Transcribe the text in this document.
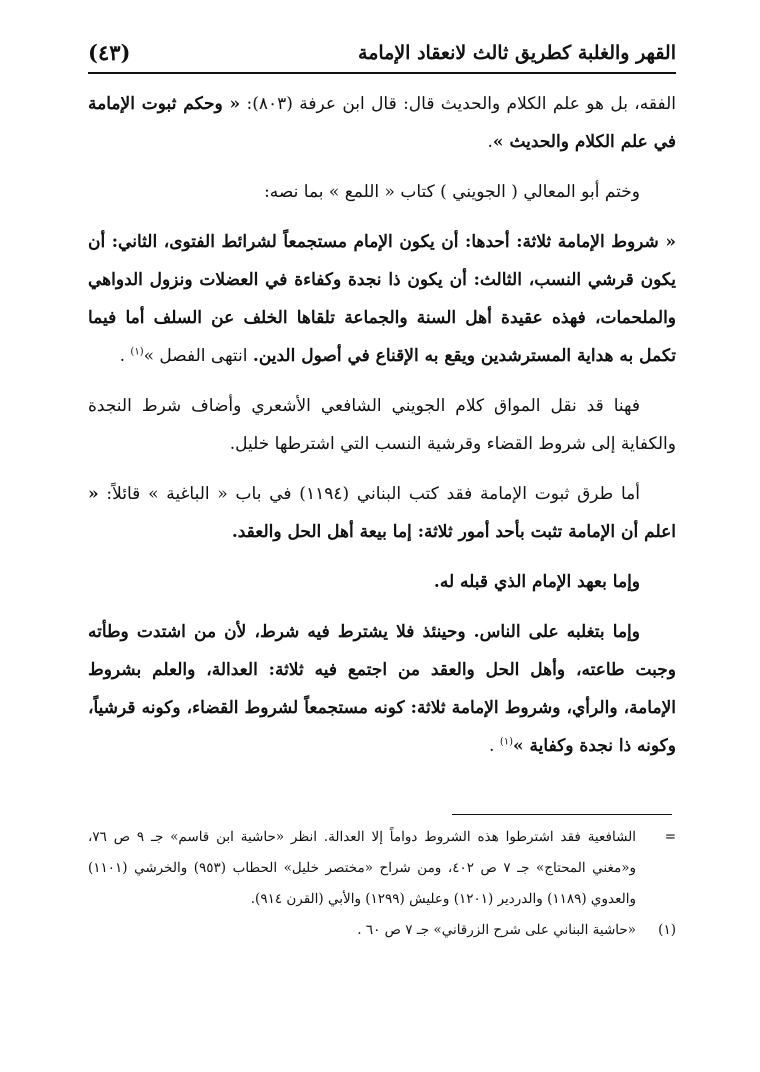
القهر والغلبة كطريق ثالث لانعقاد الإمامة
(٤٣)

الفقه، بل هو علم الكلام والحديث قال: قال ابن عرفة (٨٠٣): « وحكم ثبوت الإمامة في علم الكلام والحديث ».

وختم أبو المعالي ( الجويني ) كتاب « اللمع » بما نصه:

« شروط الإمامة ثلاثة: أحدها: أن يكون الإمام مستجمعاً لشرائط الفتوى، الثاني: أن يكون قرشي النسب، الثالث: أن يكون ذا نجدة وكفاءة في العضلات ونزول الدواهي والملحمات، فهذه عقيدة أهل السنة والجماعة تلقاها الخلف عن السلف أما فيما تكمل به هداية المسترشدين ويقع به الإقناع في أصول الدين. انتهى الفصل »$^{(١)}$ .

فهنا قد نقل المواق كلام الجويني الشافعي الأشعري وأضاف شرط النجدة والكفاية إلى شروط القضاء وقرشية النسب التي اشترطها خليل.

أما طرق ثبوت الإمامة فقد كتب البناني (١١٩٤) في باب « الباغية » قائلاً: « اعلم أن الإمامة تثبت بأحد أمور ثلاثة: إما بيعة أهل الحل والعقد.

وإما بعهد الإمام الذي قبله له.

وإما بتغلبه على الناس. وحينئذ فلا يشترط فيه شرط، لأن من اشتدت وطأته وجبت طاعته، وأهل الحل والعقد من اجتمع فيه ثلاثة: العدالة، والعلم بشروط الإمامة، والرأي، وشروط الإمامة ثلاثة: كونه مستجمعاً لشروط القضاء، وكونه قرشياً، وكونه ذا نجدة وكفاية »$^{(١)}$ .

=
الشافعية فقد اشترطوا هذه الشروط دواماً إلا العدالة. انظر «حاشية ابن قاسم» جـ ٩ ص ٧٦، و«مغني المحتاج» جـ ٧ ص ٤٠٢، ومن شراح «مختصر خليل» الحطاب (٩٥٣) والخرشي (١١٠١) والعدوي (١١٨٩) والدردير (١٢٠١) وعليش (١٢٩٩) والأبي (القرن ٩١٤).
(١)
«حاشية البناني على شرح الزرقاني» جـ ٧ ص ٦٠ .
